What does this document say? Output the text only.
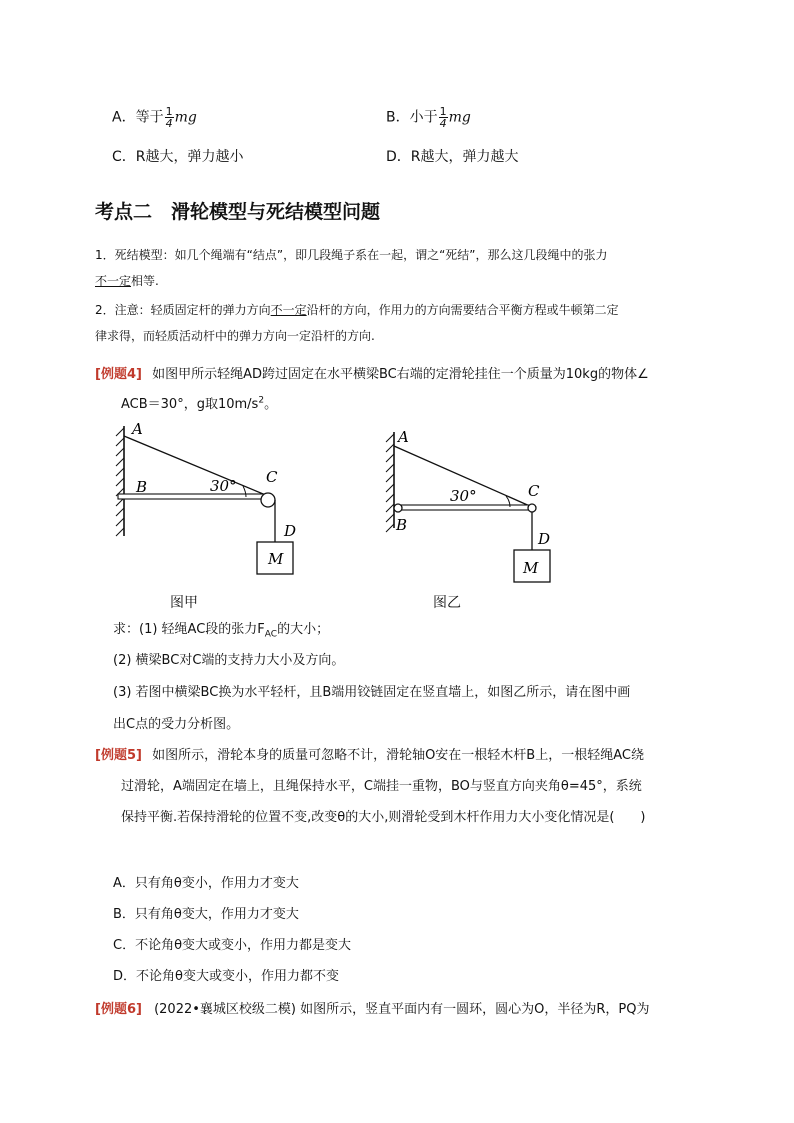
A．等于 $\frac{1}{4}$ mg	B．小于 $\frac{1}{4}$ mg
C．R越大，弹力越小	D．R越大，弹力越大
考点二　滑轮模型与死结模型问题
1．死结模型：如几个绳端有“结点”，即几段绳子系在一起，谓之“死结”，那么这几段绳中的张力
不一定相等.
2．注意：轻质固定杆的弹力方向不一定沿杆的方向，作用力的方向需要结合平衡方程或牛顿第二定
律求得，而轻质活动杆中的弹力方向一定沿杆的方向.
[例题4] 如图甲所示轻绳AD跨过固定在水平横梁BC右端的定滑轮挂住一个质量为10kg的物体∠
ACB＝30°，g取$10m/s^2$。
A
B
C
D
M
30°
图甲
A
B
C
D
M
30°
图乙
求：(1) 轻绳AC段的张力$F_{AC}$的大小；
(2) 横梁BC对C端的支持力大小及方向。
(3) 若图中横梁BC换为水平轻杆，且B端用铰链固定在竖直墙上，如图乙所示，请在图中画
出C点的受力分析图。
[例题5] 如图所示，滑轮本身的质量可忽略不计，滑轮轴O安在一根轻木杆B上，一根轻绳AC绕
过滑轮，A端固定在墙上，且绳保持水平，C端挂一重物，BO与竖直方向夹角θ=45°，系统
保持平衡.若保持滑轮的位置不变,改变θ的大小,则滑轮受到木杆作用力大小变化情况是(　　)
A．只有角θ变小，作用力才变大
B．只有角θ变大，作用力才变大
C．不论角θ变大或变小，作用力都是变大
D．不论角θ变大或变小，作用力都不变
[例题6] (2022•襄城区校级二模) 如图所示，竖直平面内有一圆环，圆心为O，半径为R，PQ为
